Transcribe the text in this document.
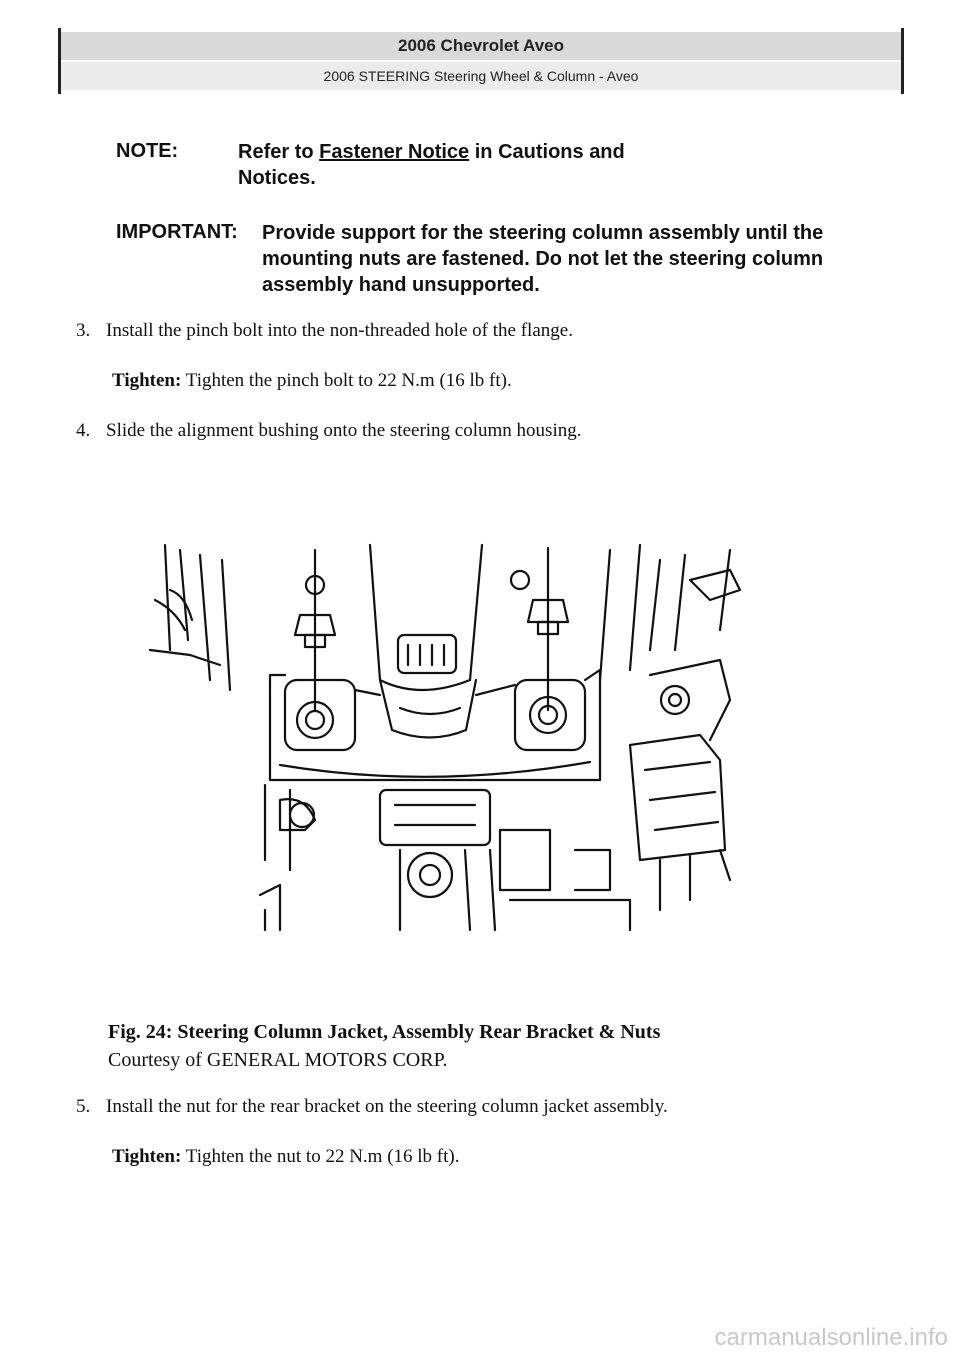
2006 Chevrolet Aveo
2006 STEERING Steering Wheel & Column - Aveo
NOTE:	Refer to Fastener Notice in Cautions and
Notices.
IMPORTANT: Provide support for the steering column assembly until the
mounting nuts are fastened. Do not let the steering column
assembly hand unsupported.
3. Install the pinch bolt into the non-threaded hole of the flange.
Tighten: Tighten the pinch bolt to 22 N.m (16 lb ft).
4. Slide the alignment bushing onto the steering column housing.
Fig. 24: Steering Column Jacket, Assembly Rear Bracket & Nuts
Courtesy of GENERAL MOTORS CORP.
5. Install the nut for the rear bracket on the steering column jacket assembly.
Tighten: Tighten the nut to 22 N.m (16 lb ft).
carmanualsonline.info
